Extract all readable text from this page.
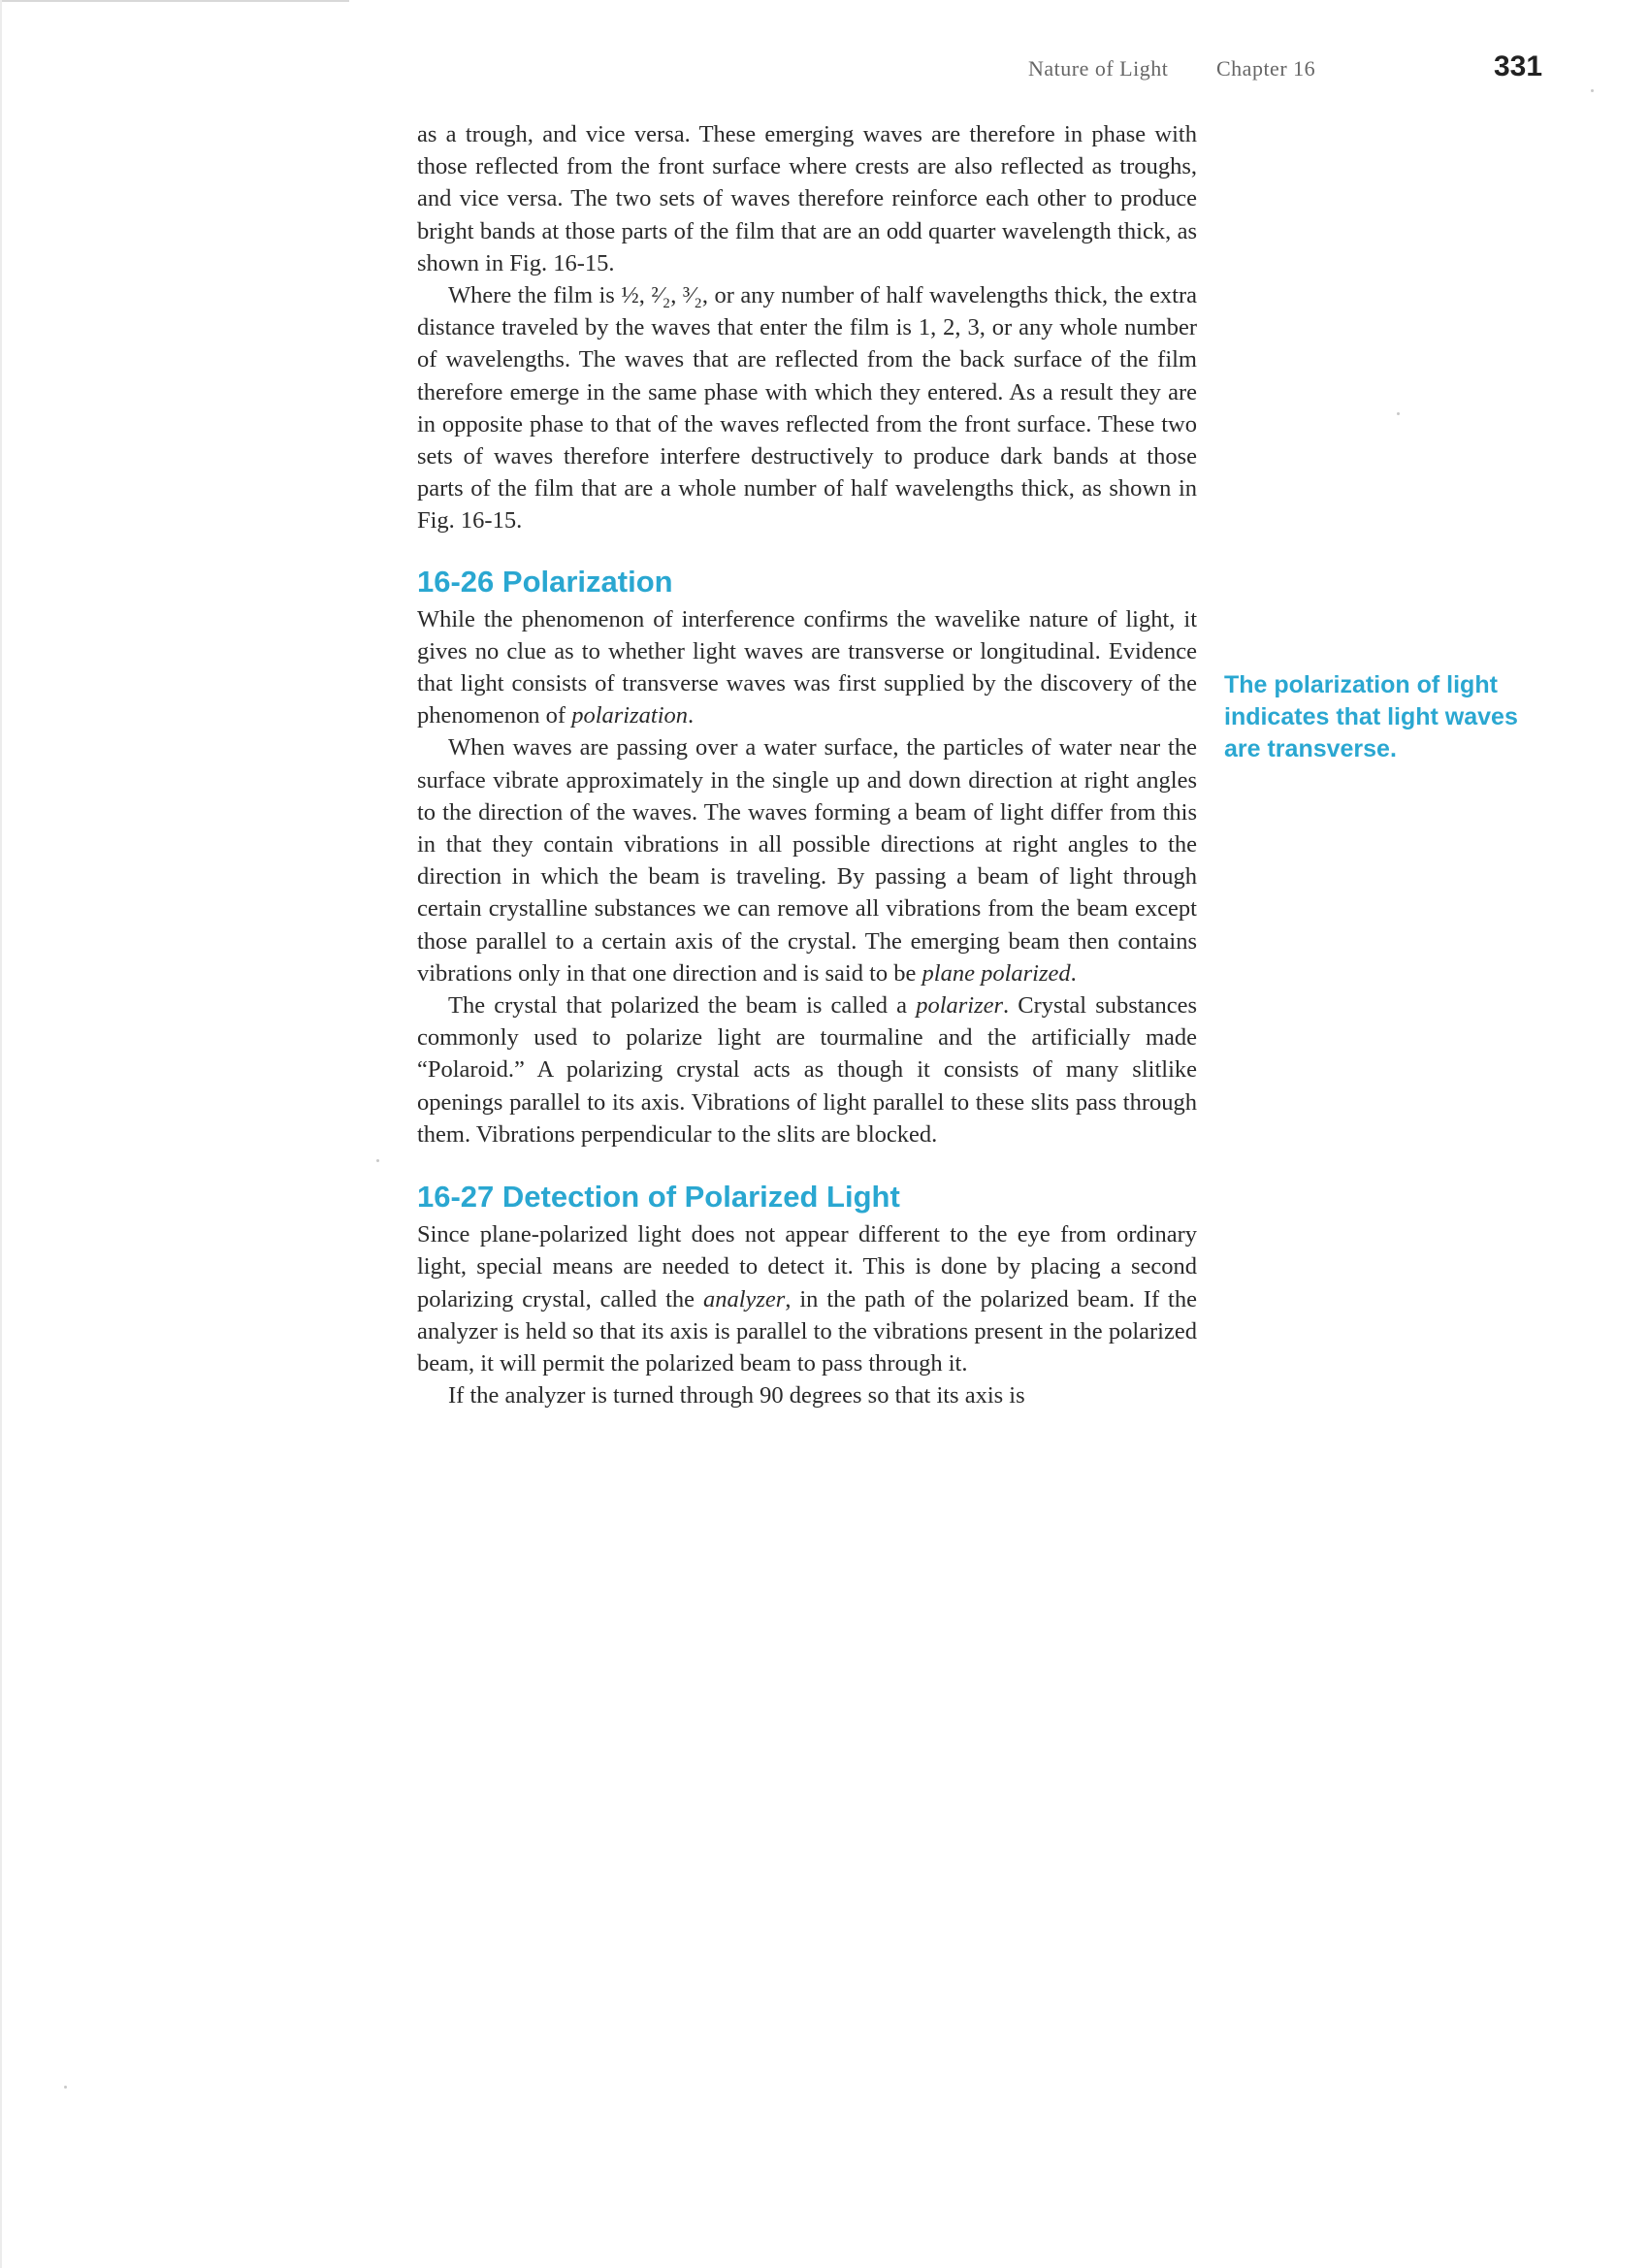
Nature of Light Chapter 16	331

as a trough, and vice versa. These emerging waves are therefore in phase with those reflected from the front surface where crests are also reflected as troughs, and vice versa. The two sets of waves therefore reinforce each other to produce bright bands at those parts of the film that are an odd quarter wavelength thick, as shown in Fig. 16-15.

Where the film is ½, ²⁄₂, ³⁄₂, or any number of half wavelengths thick, the extra distance traveled by the waves that enter the film is 1, 2, 3, or any whole number of wavelengths. The waves that are reflected from the back surface of the film therefore emerge in the same phase with which they entered. As a result they are in opposite phase to that of the waves reflected from the front surface. These two sets of waves therefore interfere destructively to produce dark bands at those parts of the film that are a whole number of half wavelengths thick, as shown in Fig. 16-15.

16-26 Polarization

While the phenomenon of interference confirms the wavelike nature of light, it gives no clue as to whether light waves are transverse or longitudinal. Evidence that light consists of transverse waves was first supplied by the discovery of the phenomenon of polarization.

When waves are passing over a water surface, the particles of water near the surface vibrate approximately in the single up and down direction at right angles to the direction of the waves. The waves forming a beam of light differ from this in that they contain vibrations in all possible directions at right angles to the direction in which the beam is traveling. By passing a beam of light through certain crystalline substances we can remove all vibrations from the beam except those parallel to a certain axis of the crystal. The emerging beam then contains vibrations only in that one direction and is said to be plane polarized.

The crystal that polarized the beam is called a polarizer. Crystal substances commonly used to polarize light are tourmaline and the artificially made “Polaroid.” A polarizing crystal acts as though it consists of many slitlike openings parallel to its axis. Vibrations of light parallel to these slits pass through them. Vibrations perpendicular to the slits are blocked.

16-27 Detection of Polarized Light

Since plane-polarized light does not appear different to the eye from ordinary light, special means are needed to detect it. This is done by placing a second polarizing crystal, called the analyzer, in the path of the polarized beam. If the analyzer is held so that its axis is parallel to the vibrations present in the polarized beam, it will permit the polarized beam to pass through it.

If the analyzer is turned through 90 degrees so that its axis is

The polarization of light indicates that light waves are transverse.
